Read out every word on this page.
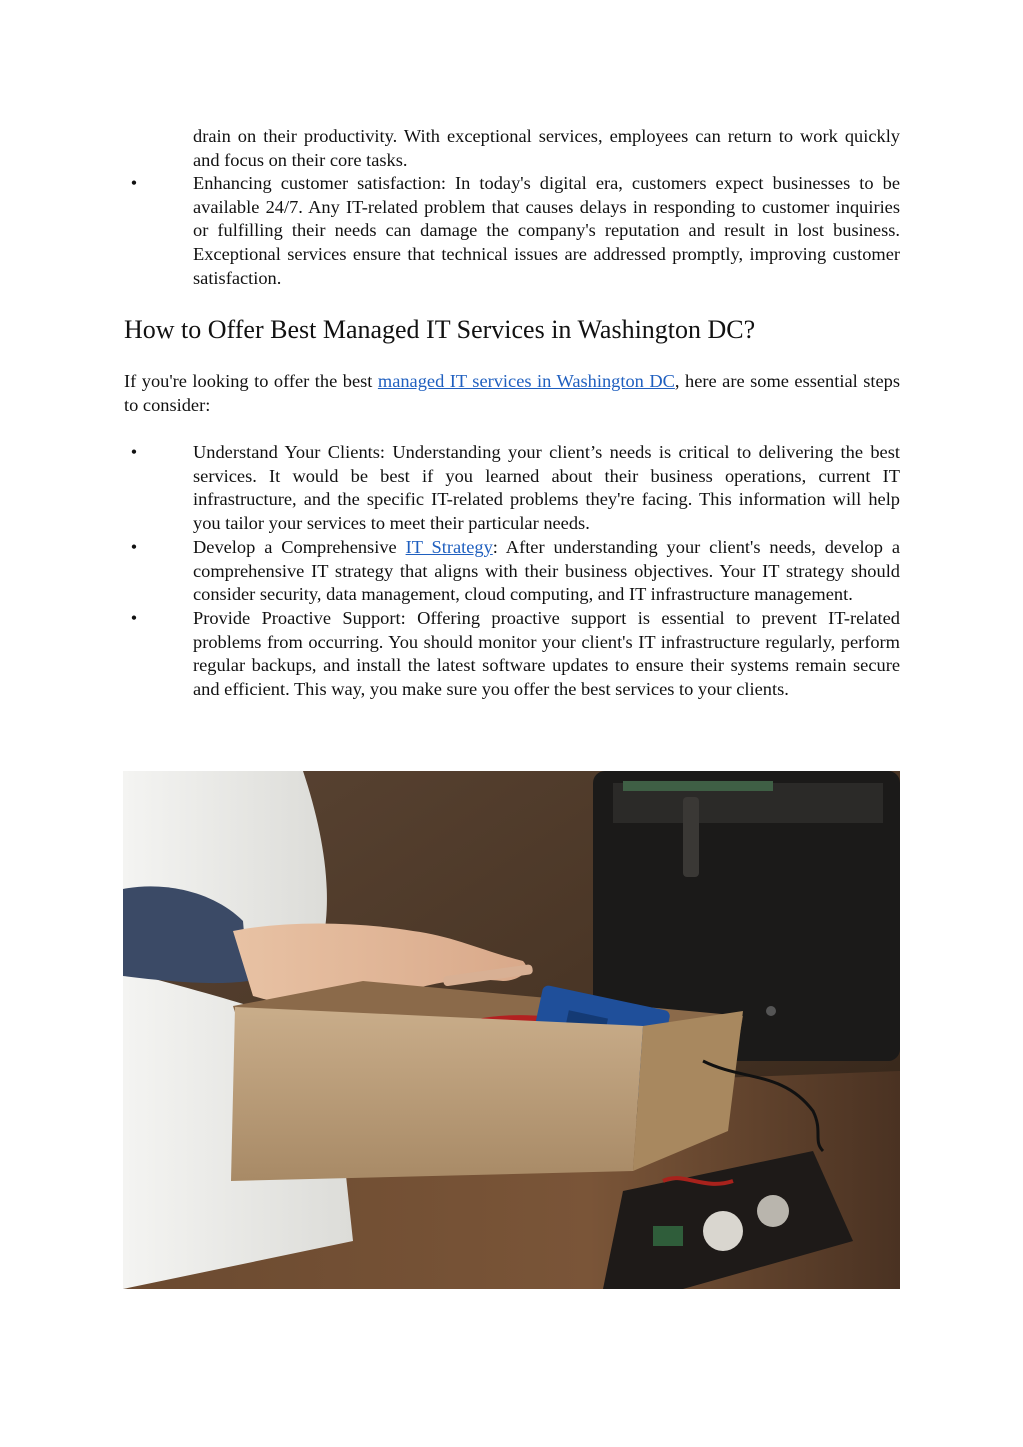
drain on their productivity. With exceptional services, employees can return to work quickly and focus on their core tasks.
•	Enhancing customer satisfaction: In today's digital era, customers expect businesses to be available 24/7. Any IT-related problem that causes delays in responding to customer inquiries or fulfilling their needs can damage the company's reputation and result in lost business. Exceptional services ensure that technical issues are addressed promptly, improving customer satisfaction.
How to Offer Best Managed IT Services in Washington DC?

If you're looking to offer the best managed IT services in Washington DC, here are some essential steps to consider:

•	Understand Your Clients: Understanding your client’s needs is critical to delivering the best services. It would be best if you learned about their business operations, current IT infrastructure, and the specific IT-related problems they're facing. This information will help you tailor your services to meet their particular needs.
•	Develop a Comprehensive IT Strategy: After understanding your client's needs, develop a comprehensive IT strategy that aligns with their business objectives. Your IT strategy should consider security, data management, cloud computing, and IT infrastructure management.
•	Provide Proactive Support: Offering proactive support is essential to prevent IT-related problems from occurring. You should monitor your client's IT infrastructure regularly, perform regular backups, and install the latest software updates to ensure their systems remain secure and efficient. This way, you make sure you offer the best services to your clients.
